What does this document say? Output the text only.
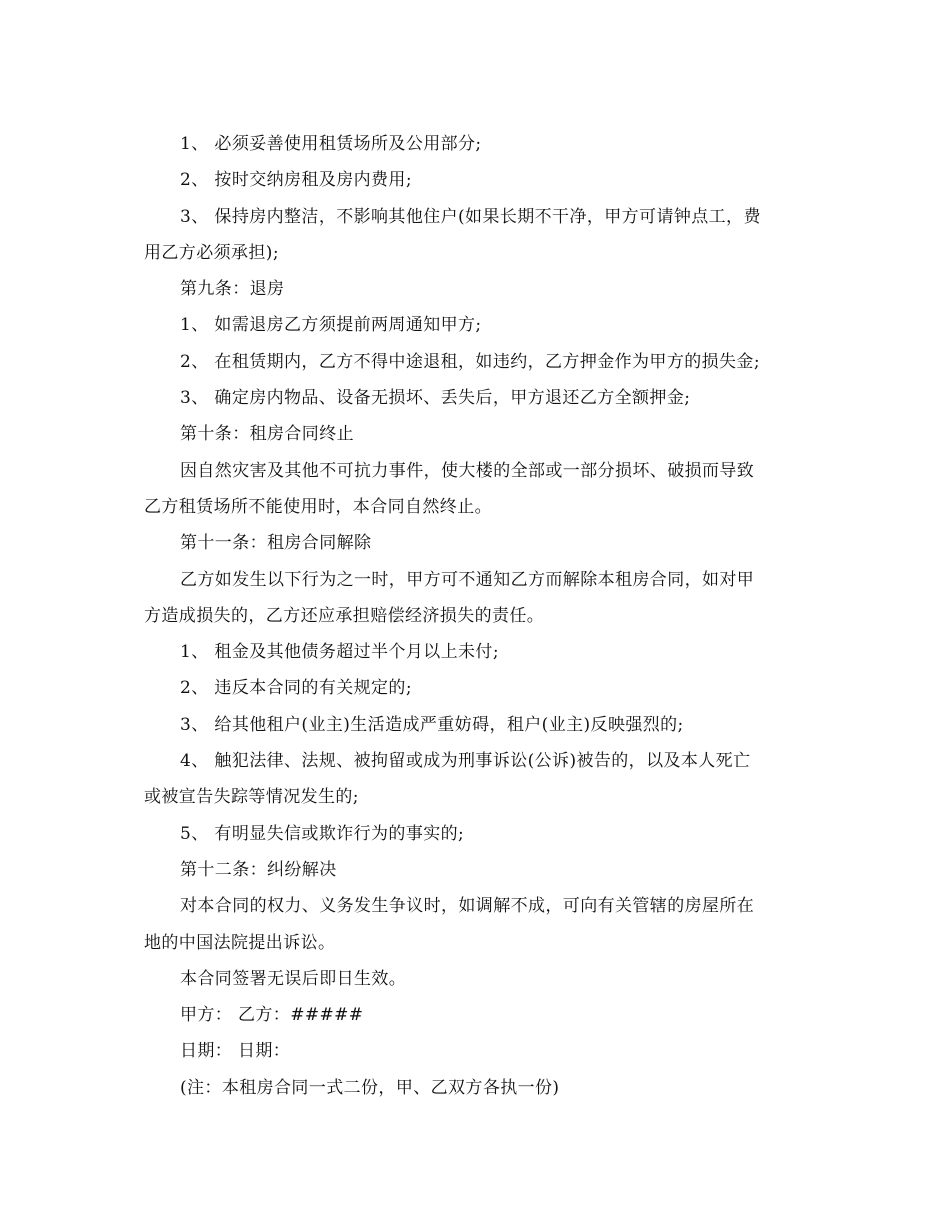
1、 必须妥善使用租赁场所及公用部分;
2、 按时交纳房租及房内费用;
3、 保持房内整洁，不影响其他住户(如果长期不干净，甲方可请钟点工，费
用乙方必须承担);
第九条：退房
1、 如需退房乙方须提前两周通知甲方;
2、 在租赁期内，乙方不得中途退租，如违约，乙方押金作为甲方的损失金;
3、 确定房内物品、设备无损坏、丢失后，甲方退还乙方全额押金;
第十条：租房合同终止
因自然灾害及其他不可抗力事件，使大楼的全部或一部分损坏、破损而导致
乙方租赁场所不能使用时，本合同自然终止。
第十一条：租房合同解除
乙方如发生以下行为之一时，甲方可不通知乙方而解除本租房合同，如对甲
方造成损失的，乙方还应承担赔偿经济损失的责任。
1、 租金及其他债务超过半个月以上未付;
2、 违反本合同的有关规定的;
3、 给其他租户(业主)生活造成严重妨碍，租户(业主)反映强烈的;
4、 触犯法律、法规、被拘留或成为刑事诉讼(公诉)被告的，以及本人死亡
或被宣告失踪等情况发生的;
5、 有明显失信或欺诈行为的事实的;
第十二条：纠纷解决
对本合同的权力、义务发生争议时，如调解不成，可向有关管辖的房屋所在
地的中国法院提出诉讼。
本合同签署无误后即日生效。
甲方： 乙方：#####
日期： 日期：
(注：本租房合同一式二份，甲、乙双方各执一份)
